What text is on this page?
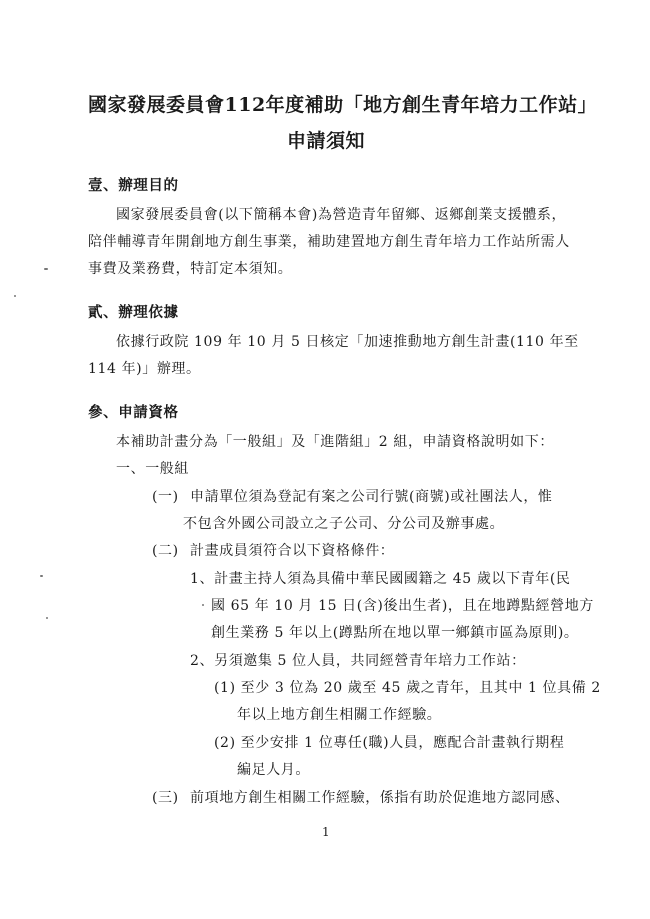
國家發展委員會112年度補助「地方創生青年培力工作站」
申請須知
壹、辦理目的
國家發展委員會(以下簡稱本會)為營造青年留鄉、返鄉創業支援體系，
陪伴輔導青年開創地方創生事業，補助建置地方創生青年培力工作站所需人
事費及業務費，特訂定本須知。
貳、辦理依據
依據行政院 109 年 10 月 5 日核定「加速推動地方創生計畫(110 年至
114 年)」辦理。
參、申請資格
本補助計畫分為「一般組」及「進階組」2 組，申請資格說明如下：
一、一般組
(一) 申請單位須為登記有案之公司行號(商號)或社團法人，惟
不包含外國公司設立之子公司、分公司及辦事處。
(二) 計畫成員須符合以下資格條件：
1、計畫主持人須為具備中華民國國籍之 45 歲以下青年(民
國 65 年 10 月 15 日(含)後出生者)，且在地蹲點經營地方
創生業務 5 年以上(蹲點所在地以單一鄉鎮市區為原則)。
2、另須邀集 5 位人員，共同經營青年培力工作站：
(1) 至少 3 位為 20 歲至 45 歲之青年，且其中 1 位具備 2
年以上地方創生相關工作經驗。
(2) 至少安排 1 位專任(職)人員，應配合計畫執行期程
編足人月。
(三) 前項地方創生相關工作經驗，係指有助於促進地方認同感、
1
